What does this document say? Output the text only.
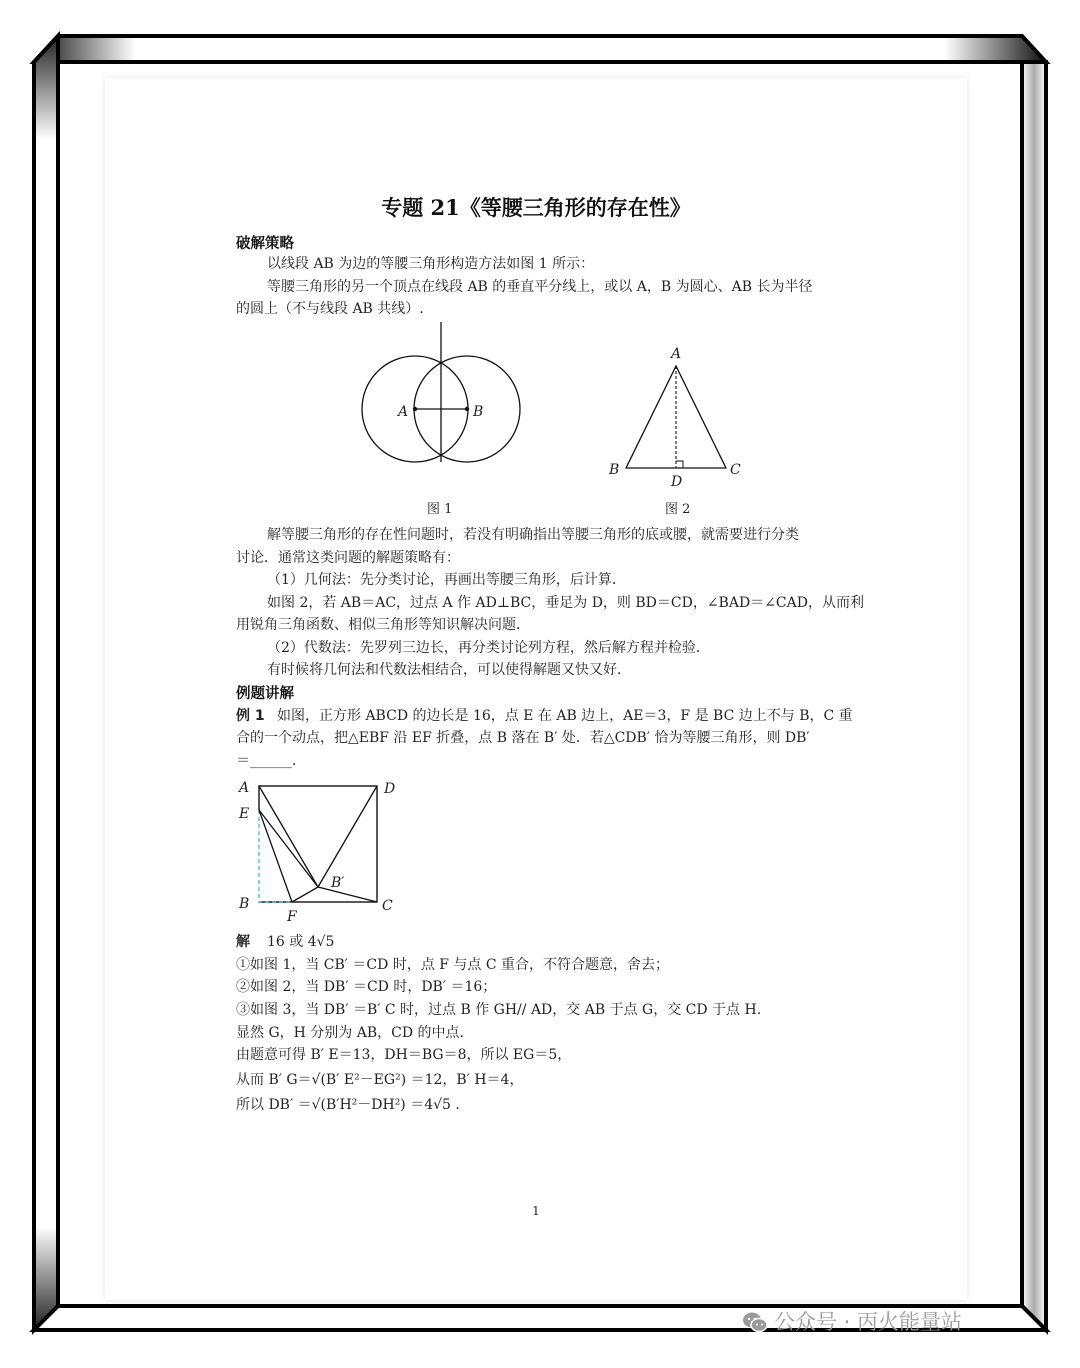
专题 21《等腰三角形的存在性》
破解策略
以线段 AB 为边的等腰三角形构造方法如图 1 所示：
等腰三角形的另一个顶点在线段 AB 的垂直平分线上，或以 A，B 为圆心、AB 长为半径
的圆上（不与线段 AB 共线）.
A	B
图 1
A
B	C
D
图 2
解等腰三角形的存在性问题时，若没有明确指出等腰三角形的底或腰，就需要进行分类
讨论．通常这类问题的解题策略有：
（1）几何法：先分类讨论，再画出等腰三角形，后计算．
如图 2，若 AB＝AC，过点 A 作 AD⊥BC，垂足为 D，则 BD＝CD，∠BAD＝∠CAD，从而利
用锐角三角函数、相似三角形等知识解决问题．
（2）代数法：先罗列三边长，再分类讨论列方程，然后解方程并检验．
有时候将几何法和代数法相结合，可以使得解题又快又好．
例题讲解
例 1 如图，正方形 ABCD 的边长是 16，点 E 在 AB 边上，AE＝3，F 是 BC 边上不与 B，C 重
合的一个动点，把△EBF 沿 EF 折叠，点 B 落在 B′ 处．若△CDB′ 恰为等腰三角形，则 DB′
＝______．
A	D
E
B′
B	C
F
解 16 或 4√5
①如图 1，当 CB′ ＝CD 时，点 F 与点 C 重合，不符合题意，舍去；
②如图 2，当 DB′ ＝CD 时，DB′ ＝16；
③如图 3，当 DB′ ＝B′ C 时，过点 B 作 GH// AD，交 AB 于点 G，交 CD 于点 H.
显然 G，H 分别为 AB，CD 的中点．
由题意可得 B′ E＝13，DH＝BG＝8，所以 EG＝5，
从而 B′ G＝√(B′ E²－EG²) ＝12，B′ H＝4，
所以 DB′ ＝√(B′H²－DH²) ＝4√5 .
1
公众号 · 丙火能量站
